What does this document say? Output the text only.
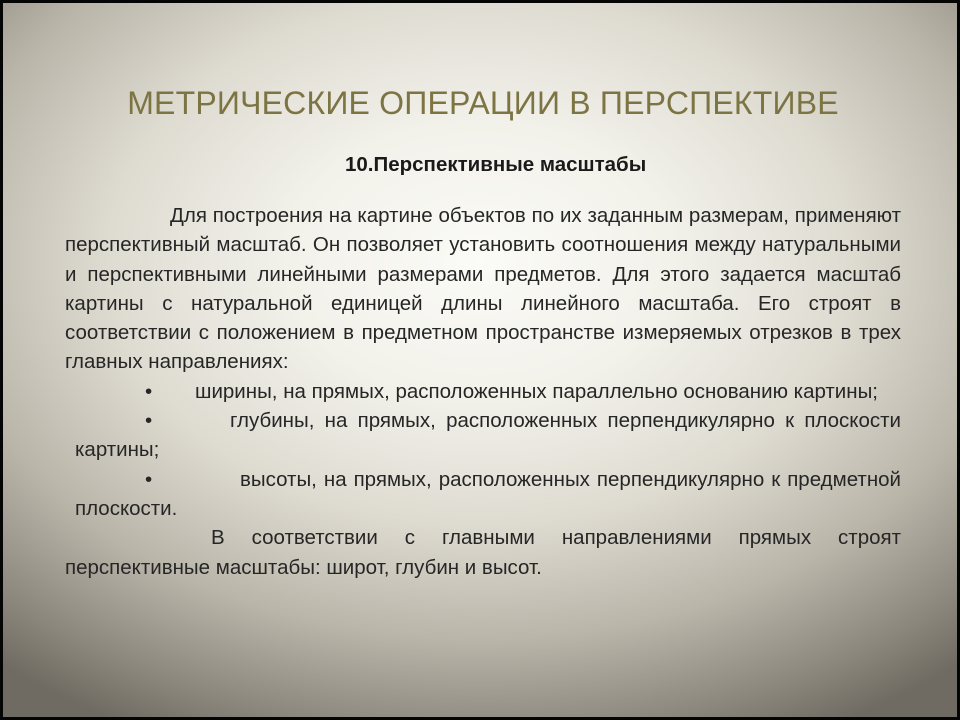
МЕТРИЧЕСКИЕ ОПЕРАЦИИ В ПЕРСПЕКТИВЕ
10.Перспективные масштабы

Для построения на картине объектов по их заданным размерам, применяют перспективный масштаб. Он позволяет установить соотношения между натуральными и перспективными линейными размерами предметов. Для этого задается масштаб картины с натуральной единицей длины линейного масштаба. Его строят в соответствии с положением в предметном пространстве измеряемых отрезков в трех главных направлениях:

• ширины, на прямых, расположенных параллельно основанию картины;

•	глубины, на прямых, расположенных перпендикулярно к плоскости картины;

•	высоты, на прямых, расположенных перпендикулярно к предметной плоскости.

В соответствии с главными направлениями прямых строят перспективные масштабы: широт, глубин и высот.
